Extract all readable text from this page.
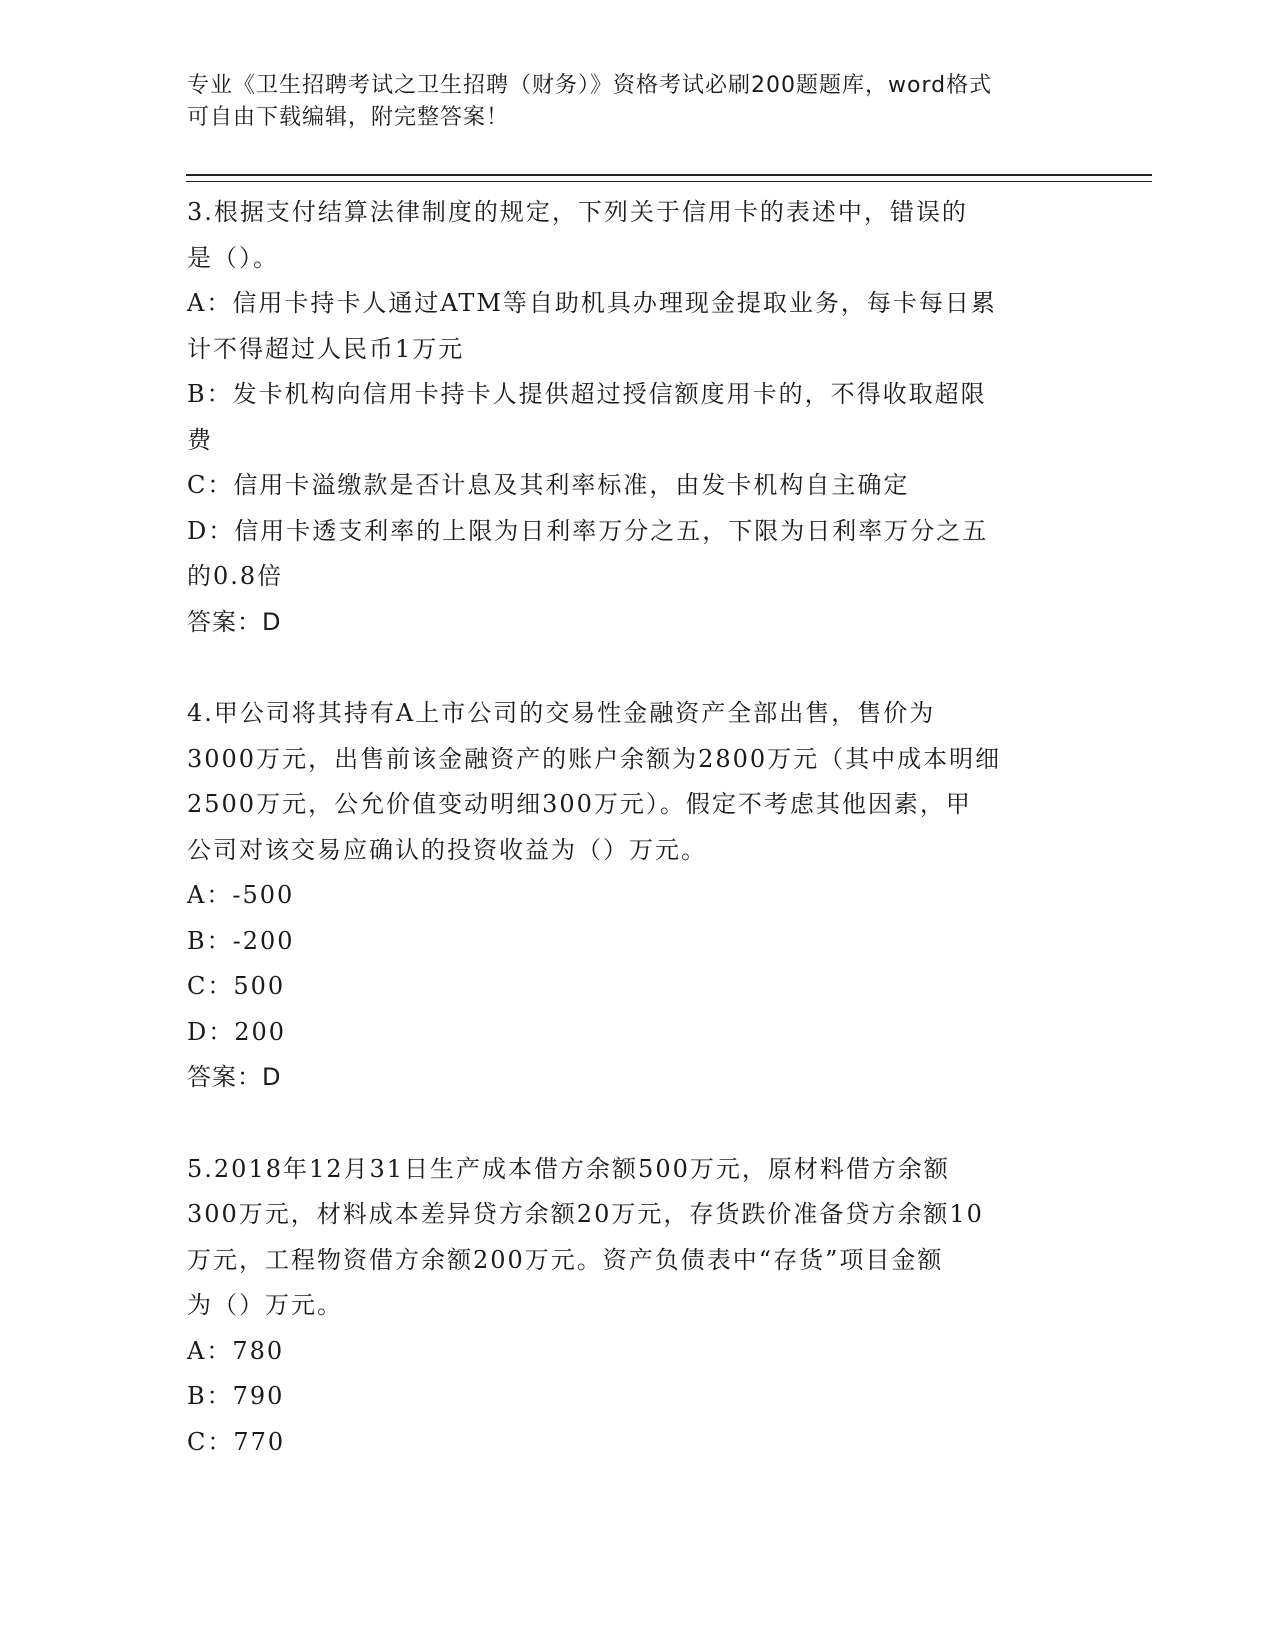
专业《卫生招聘考试之卫生招聘（财务）》资格考试必刷200题题库，word格式
可自由下载编辑，附完整答案！
3.根据支付结算法律制度的规定，下列关于信用卡的表述中，错误的
是（）。
A：信用卡持卡人通过ATM等自助机具办理现金提取业务，每卡每日累
计不得超过人民币1万元
B：发卡机构向信用卡持卡人提供超过授信额度用卡的，不得收取超限
费
C：信用卡溢缴款是否计息及其利率标准，由发卡机构自主确定
D：信用卡透支利率的上限为日利率万分之五，下限为日利率万分之五
的0.8倍
答案：D
4.甲公司将其持有A上市公司的交易性金融资产全部出售，售价为
3000万元，出售前该金融资产的账户余额为2800万元（其中成本明细
2500万元，公允价值变动明细300万元）。假定不考虑其他因素，甲
公司对该交易应确认的投资收益为（）万元。
A：-500
B：-200
C：500
D：200
答案：D
5.2018年12月31日生产成本借方余额500万元，原材料借方余额
300万元，材料成本差异贷方余额20万元，存货跌价准备贷方余额10
万元，工程物资借方余额200万元。资产负债表中“存货”项目金额
为（）万元。
A：780
B：790
C：770
